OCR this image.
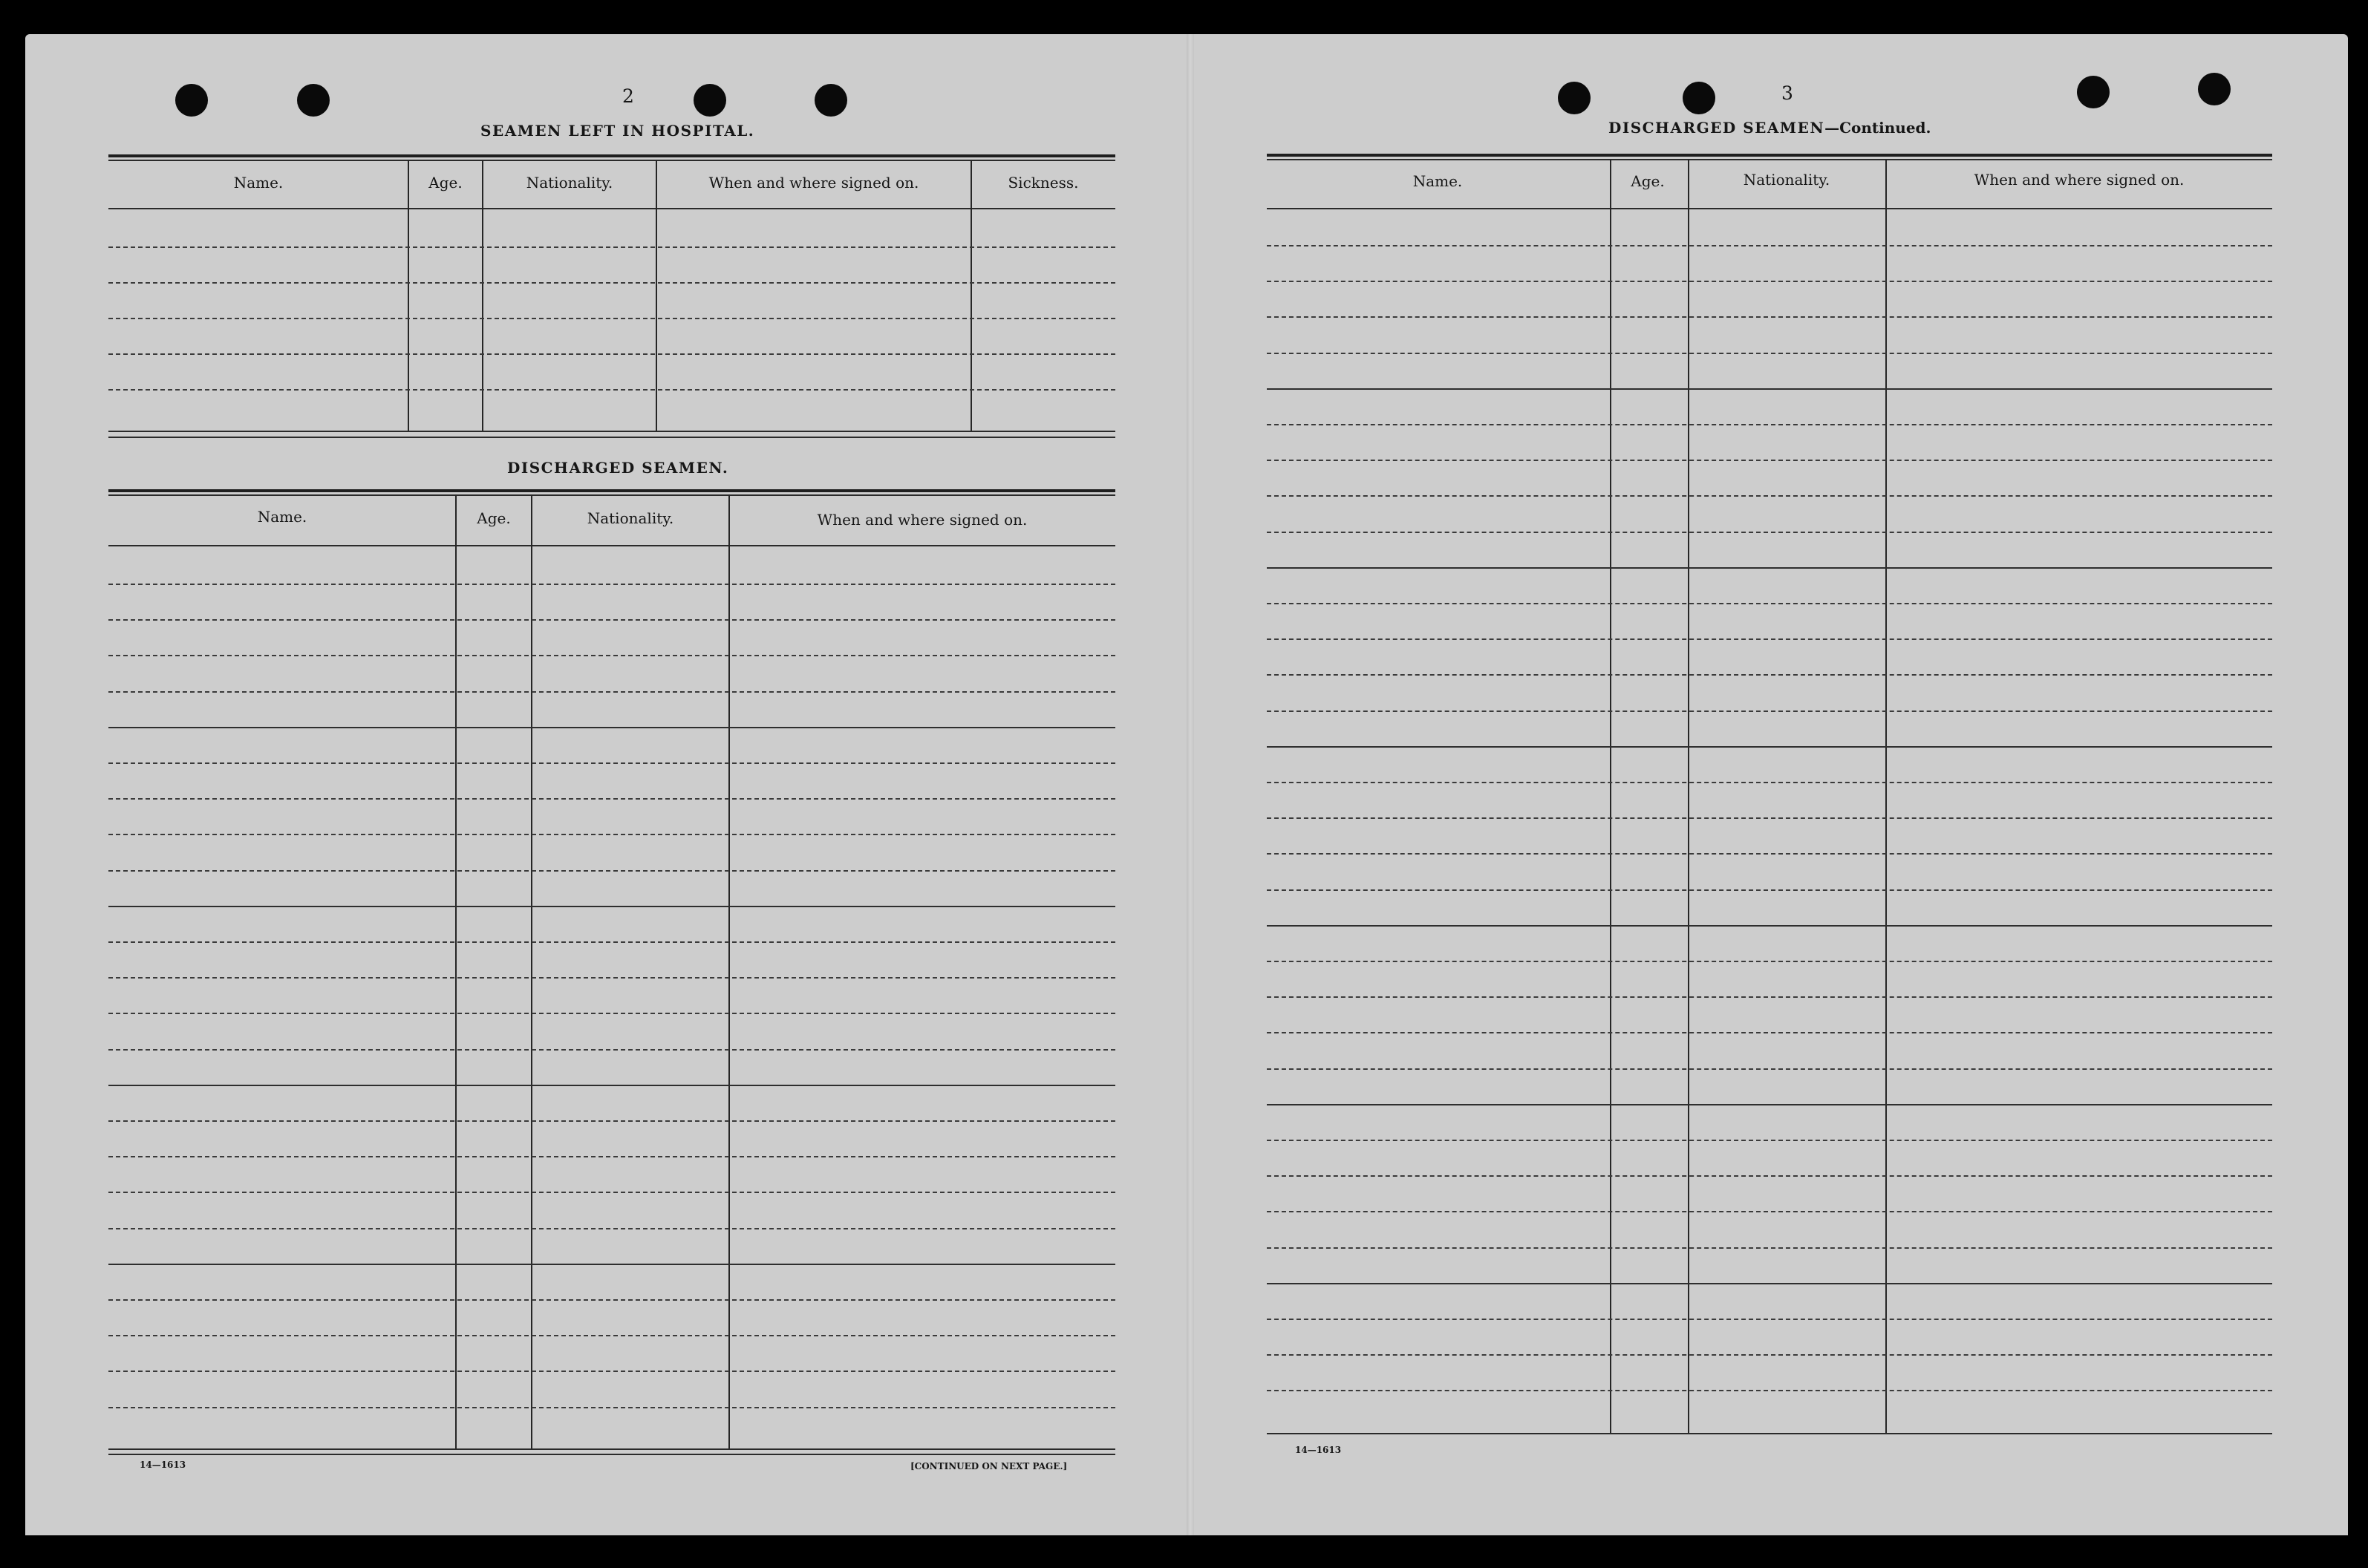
2
SEAMEN LEFT IN HOSPITAL.
Name.	Age.	Nationality.	When and where signed on.	Sickness.
DISCHARGED SEAMEN.
Name.	Age.	Nationality.	When and where signed on.
14—1613	[CONTINUED ON NEXT PAGE.]
3
DISCHARGED SEAMEN—Continued.
Name.	Age.	Nationality.	When and where signed on.
14—1613
